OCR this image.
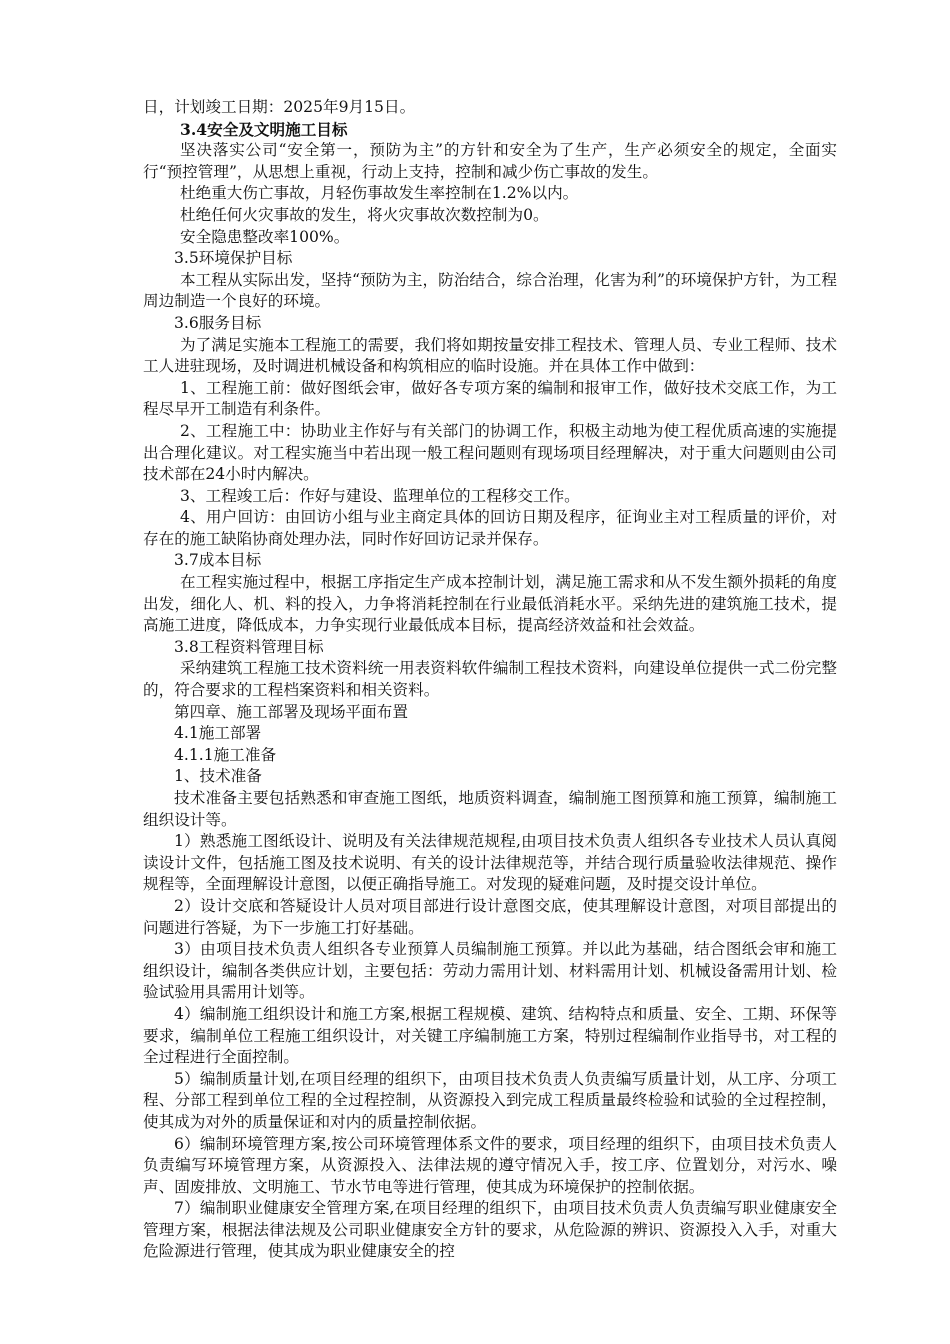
日，计划竣工日期：2025年9月15日。

3.4安全及文明施工目标

坚决落实公司“安全第一，预防为主”的方针和安全为了生产，生产必须安全的规定，全面实行“预控管理”，从思想上重视，行动上支持，控制和减少伤亡事故的发生。

杜绝重大伤亡事故，月轻伤事故发生率控制在1.2%以内。

杜绝任何火灾事故的发生，将火灾事故次数控制为0。

安全隐患整改率100%。

3.5环境保护目标

本工程从实际出发，坚持“预防为主，防治结合，综合治理，化害为利”的环境保护方针，为工程周边制造一个良好的环境。

3.6服务目标

为了满足实施本工程施工的需要，我们将如期按量安排工程技术、管理人员、专业工程师、技术工人进驻现场，及时调进机械设备和构筑相应的临时设施。并在具体工作中做到：

1、工程施工前：做好图纸会审，做好各专项方案的编制和报审工作，做好技术交底工作，为工程尽早开工制造有利条件。

2、工程施工中：协助业主作好与有关部门的协调工作，积极主动地为使工程优质高速的实施提出合理化建议。对工程实施当中若出现一般工程问题则有现场项目经理解决，对于重大问题则由公司技术部在24小时内解决。

3、工程竣工后：作好与建设、监理单位的工程移交工作。

4、用户回访：由回访小组与业主商定具体的回访日期及程序，征询业主对工程质量的评价，对存在的施工缺陷协商处理办法，同时作好回访记录并保存。

3.7成本目标

在工程实施过程中，根据工序指定生产成本控制计划，满足施工需求和从不发生额外损耗的角度出发，细化人、机、料的投入，力争将消耗控制在行业最低消耗水平。采纳先进的建筑施工技术，提高施工进度，降低成本，力争实现行业最低成本目标，提高经济效益和社会效益。

3.8工程资料管理目标

采纳建筑工程施工技术资料统一用表资料软件编制工程技术资料，向建设单位提供一式二份完整的，符合要求的工程档案资料和相关资料。

第四章、施工部署及现场平面布置

4.1施工部署

4.1.1施工准备

1、技术准备

技术准备主要包括熟悉和审查施工图纸，地质资料调查，编制施工图预算和施工预算，编制施工组织设计等。

1）熟悉施工图纸设计、说明及有关法律规范规程,由项目技术负责人组织各专业技术人员认真阅读设计文件，包括施工图及技术说明、有关的设计法律规范等，并结合现行质量验收法律规范、操作规程等，全面理解设计意图，以便正确指导施工。对发现的疑难问题，及时提交设计单位。

2）设计交底和答疑设计人员对项目部进行设计意图交底，使其理解设计意图，对项目部提出的问题进行答疑，为下一步施工打好基础。

3）由项目技术负责人组织各专业预算人员编制施工预算。并以此为基础，结合图纸会审和施工组织设计，编制各类供应计划，主要包括：劳动力需用计划、材料需用计划、机械设备需用计划、检验试验用具需用计划等。

4）编制施工组织设计和施工方案,根据工程规模、建筑、结构特点和质量、安全、工期、环保等要求，编制单位工程施工组织设计，对关键工序编制施工方案，特别过程编制作业指导书，对工程的全过程进行全面控制。

5）编制质量计划,在项目经理的组织下，由项目技术负责人负责编写质量计划，从工序、分项工程、分部工程到单位工程的全过程控制，从资源投入到完成工程质量最终检验和试验的全过程控制，使其成为对外的质量保证和对内的质量控制依据。

6）编制环境管理方案,按公司环境管理体系文件的要求，项目经理的组织下，由项目技术负责人负责编写环境管理方案，从资源投入、法律法规的遵守情况入手，按工序、位置划分，对污水、噪声、固废排放、文明施工、节水节电等进行管理，使其成为环境保护的控制依据。

7）编制职业健康安全管理方案,在项目经理的组织下，由项目技术负责人负责编写职业健康安全管理方案，根据法律法规及公司职业健康安全方针的要求，从危险源的辨识、资源投入入手，对重大危险源进行管理，使其成为职业健康安全的控
